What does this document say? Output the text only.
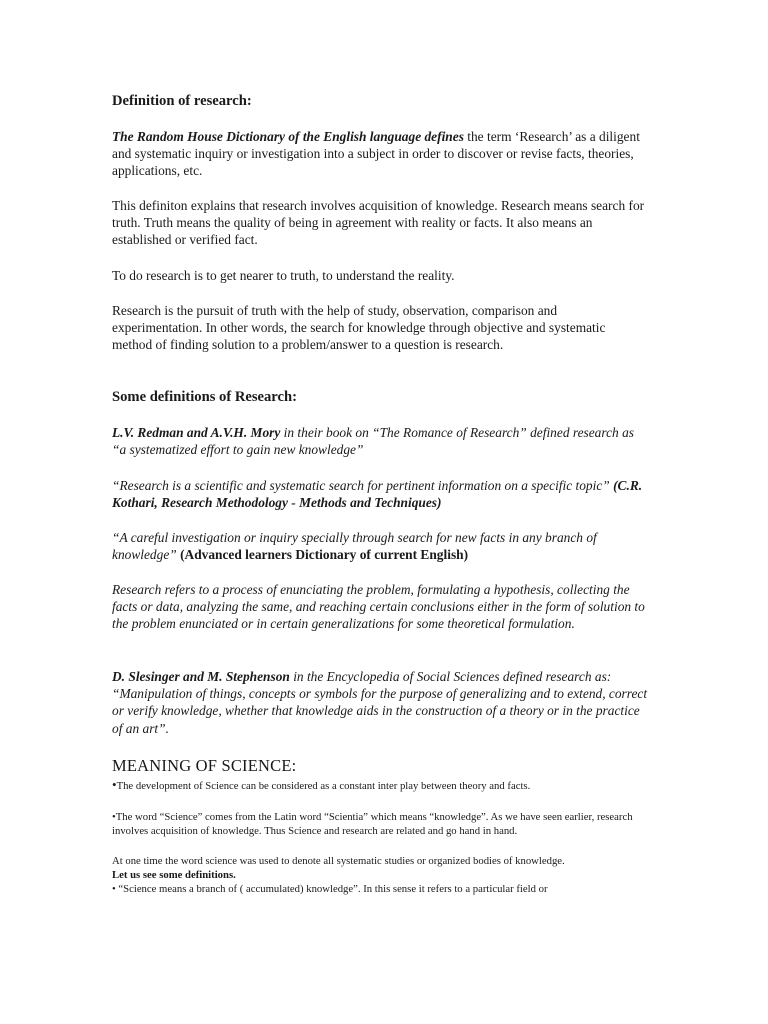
Definition of research:

The Random House Dictionary of the English language defines the term ‘Research’ as a diligent and systematic inquiry or investigation into a subject in order to discover or revise facts, theories, applications, etc.

This definiton explains that research involves acquisition of knowledge. Research means search for truth. Truth means the quality of being in agreement with reality or facts. It also means an established or verified fact.

To do research is to get nearer to truth, to understand the reality.

Research is the pursuit of truth with the help of study, observation, comparison and experimentation. In other words, the search for knowledge through objective and systematic method of finding solution to a problem/answer to a question is research.

Some definitions of Research:

L.V. Redman and A.V.H. Mory in their book on “The Romance of Research” defined research as “a systematized effort to gain new knowledge”

“Research is a scientific and systematic search for pertinent information on a specific topic” (C.R. Kothari, Research Methodology - Methods and Techniques)

“A careful investigation or inquiry specially through search for new facts in any branch of knowledge” (Advanced learners Dictionary of current English)

Research refers to a process of enunciating the problem, formulating a hypothesis, collecting the facts or data, analyzing the same, and reaching certain conclusions either in the form of solution to the problem enunciated or in certain generalizations for some theoretical formulation.

D. Slesinger and M. Stephenson in the Encyclopedia of Social Sciences defined research as: “Manipulation of things, concepts or symbols for the purpose of generalizing and to extend, correct or verify knowledge, whether that knowledge aids in the construction of a theory or in the practice of an art”.

MEANING OF SCIENCE:

•The development of Science can be considered as a constant inter play between theory and facts.

•The word “Science” comes from the Latin word “Scientia” which means “knowledge”. As we have seen earlier, research involves acquisition of knowledge. Thus Science and research are related and go hand in hand.

At one time the word science was used to denote all systematic studies or organized bodies of knowledge.

Let us see some definitions.

• “Science means a branch of ( accumulated) knowledge”. In this sense it refers to a particular field or
